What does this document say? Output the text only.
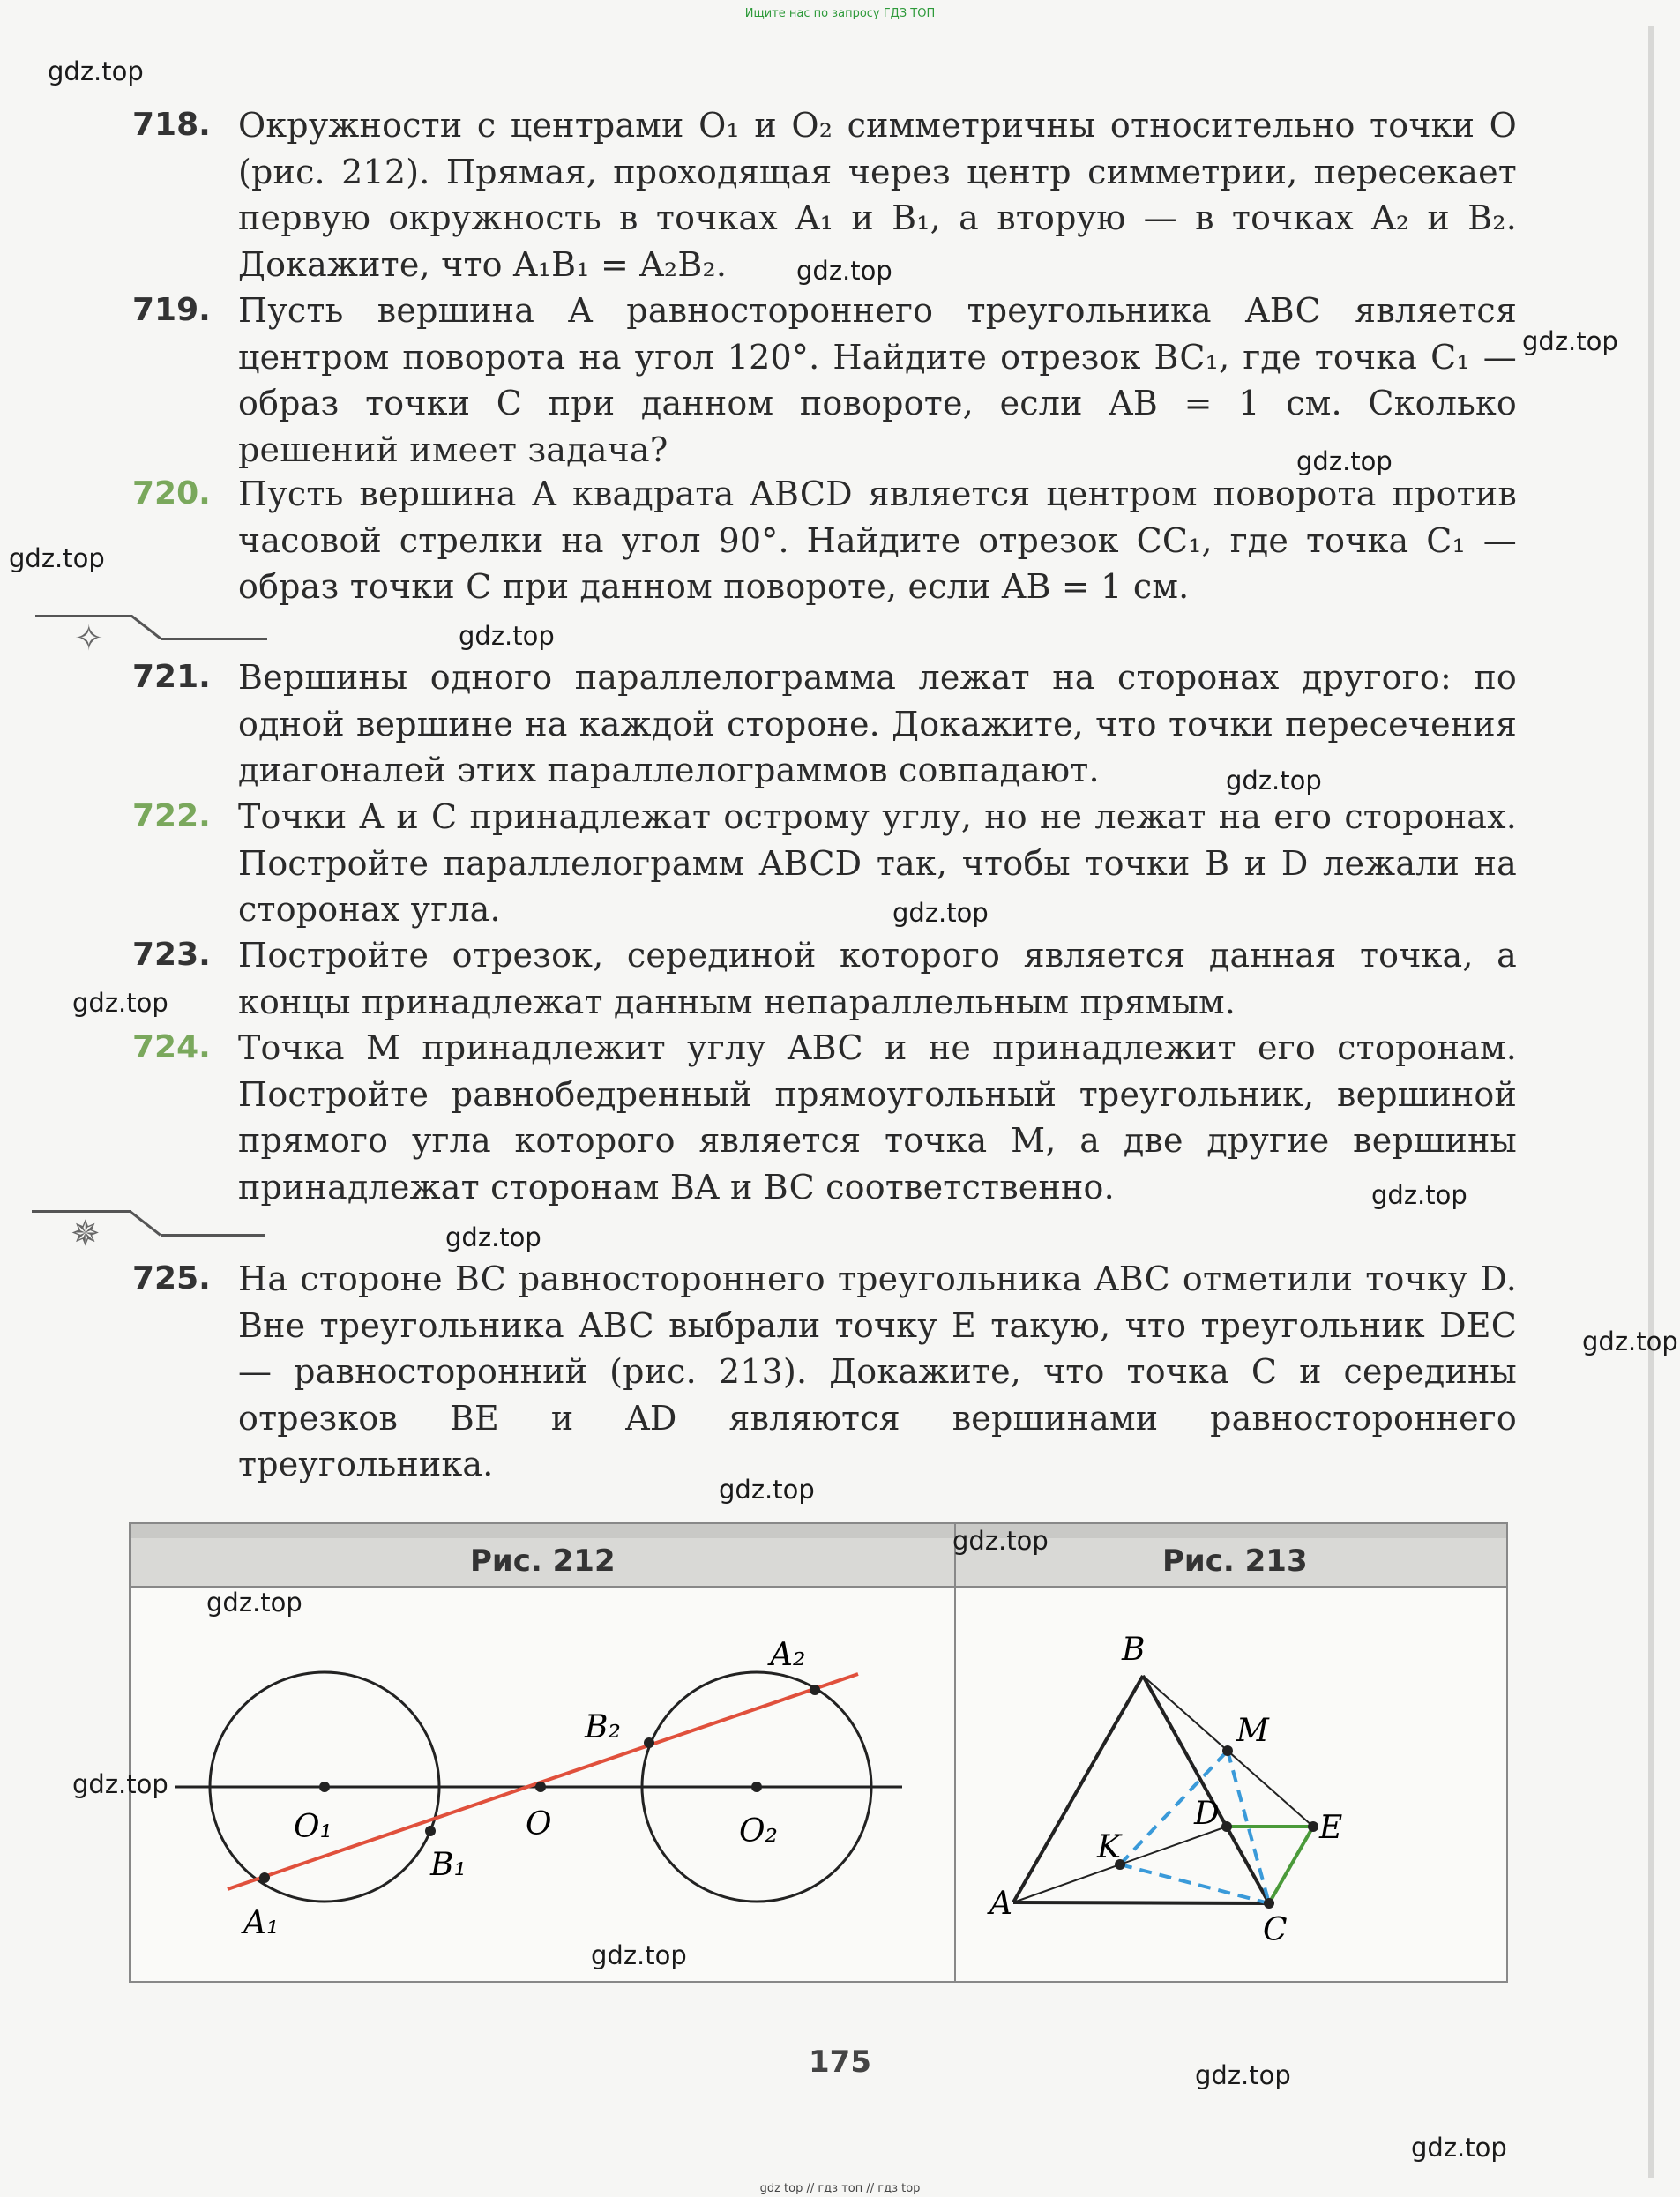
Ищите нас по запросу ГДЗ ТОП
718. Окружности с центрами O₁ и O₂ симметричны относительно точки O (рис. 212). Прямая, проходящая через центр симметрии, пересекает первую окружность в точках A₁ и B₁, а вторую — в точках A₂ и B₂. Докажите, что A₁B₁ = A₂B₂.
719. Пусть вершина A равностороннего треугольника ABC является центром поворота на угол 120°. Найдите отрезок BC₁, где точка C₁ — образ точки C при данном повороте, если AB = 1 см. Сколько решений имеет задача?
720. Пусть вершина A квадрата ABCD является центром поворота против часовой стрелки на угол 90°. Найдите отрезок CC₁, где точка C₁ — образ точки C при данном повороте, если AB = 1 см.
✧
721. Вершины одного параллелограмма лежат на сторонах другого: по одной вершине на каждой стороне. Докажите, что точки пересечения диагоналей этих параллелограммов совпадают.
722. Точки A и C принадлежат острому углу, но не лежат на его сторонах. Постройте параллелограмм ABCD так, чтобы точки B и D лежали на сторонах угла.
723. Постройте отрезок, серединой которого является данная точка, а концы принадлежат данным непараллельным прямым.
724. Точка M принадлежит углу ABC и не принадлежит его сторонам. Постройте равнобедренный прямоугольный треугольник, вершиной прямого угла которого является точка M, а две другие вершины принадлежат сторонам BA и BC соответственно.
✵
725. На стороне BC равностороннего треугольника ABC отметили точку D. Вне треугольника ABC выбрали точку E такую, что треугольник DEC — равносторонний (рис. 213). Докажите, что точка C и середины отрезков BE и AD являются вершинами равностороннего треугольника.
Рис. 212	Рис. 213
O₁	O	O₂
B₁
B₂
A₁
A₂	B
M
D	E
K
A
C
175
gdz.top
gdz.top
gdz.top
gdz.top
gdz.top
gdz.top
gdz.top
gdz.top
gdz.top
gdz.top
gdz.top
gdz.top
gdz.top
gdz.top
gdz.top
gdz.top
gdz.top
gdz.top
gdz.top
gdz top // гдз топ // гдз top
